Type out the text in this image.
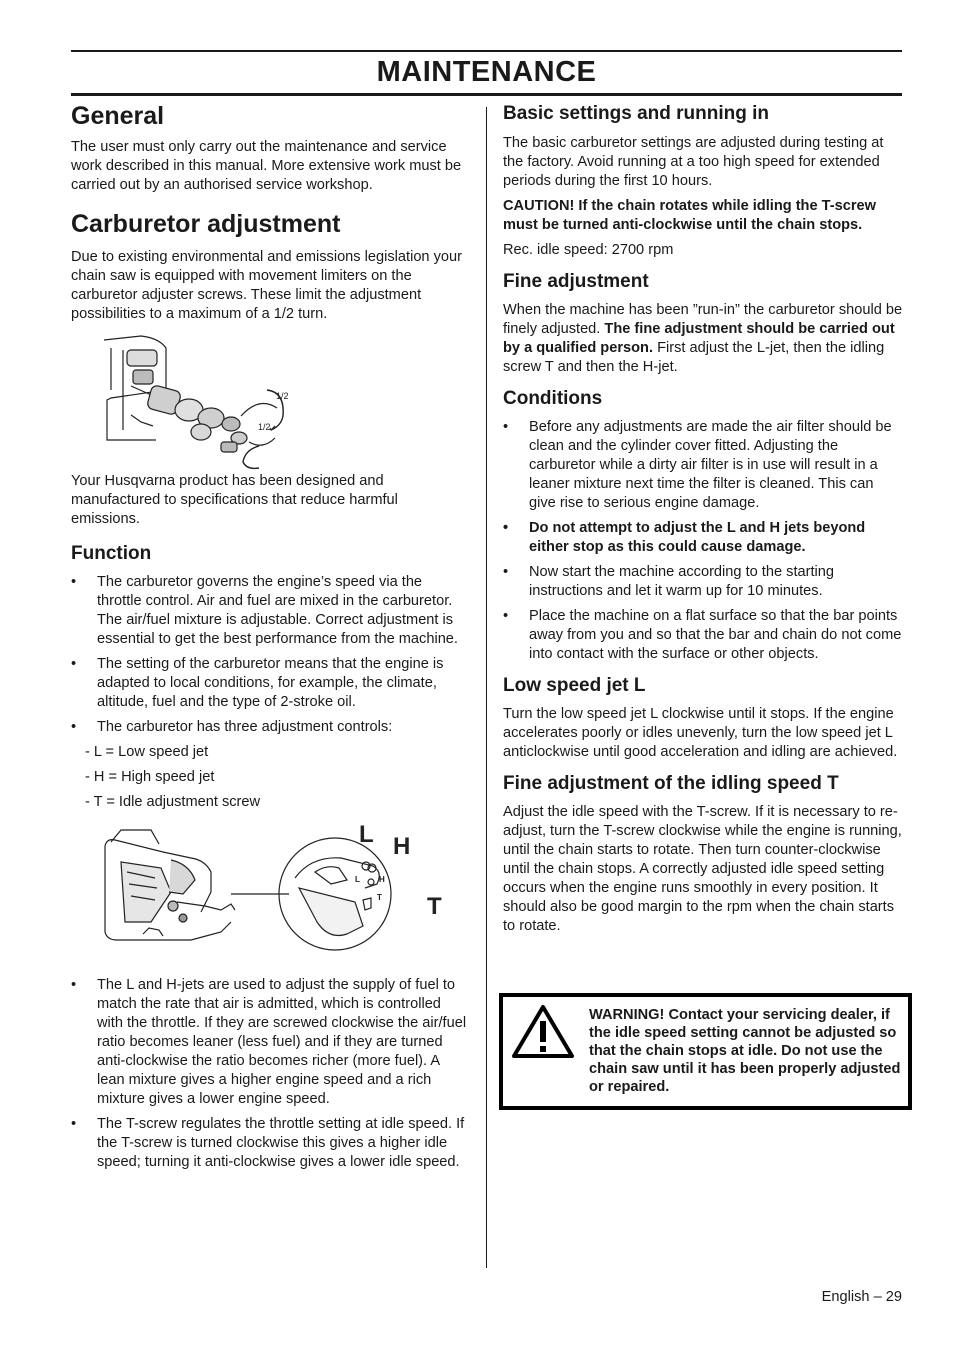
MAINTENANCE
General

The user must only carry out the maintenance and service work described in this manual. More extensive work must be carried out by an authorised service workshop.

Carburetor adjustment

Due to existing environmental and emissions legislation your chain saw is equipped with movement limiters on the carburetor adjuster screws. These limit the adjustment possibilities to a maximum of a 1/2 turn.

1/2
1/2

Your Husqvarna product has been designed and manufactured to specifications that reduce harmful emissions.

Function
• The carburetor governs the engine’s speed via the throttle control. Air and fuel are mixed in the carburetor. The air/fuel mixture is adjustable. Correct adjustment is essential to get the best performance from the machine.
• The setting of the carburetor means that the engine is adapted to local conditions, for example, the climate, altitude, fuel and the type of 2-stroke oil.
• The carburetor has three adjustment controls:
- L = Low speed jet
- H = High speed jet
- T = Idle adjustment screw
L H
T
L H
T
• The L and H-jets are used to adjust the supply of fuel to match the rate that air is admitted, which is controlled with the throttle. If they are screwed clockwise the air/fuel ratio becomes leaner (less fuel) and if they are turned anti-clockwise the ratio becomes richer (more fuel). A lean mixture gives a higher engine speed and a rich mixture gives a lower engine speed.
• The T-screw regulates the throttle setting at idle speed. If the T-screw is turned clockwise this gives a higher idle speed; turning it anti-clockwise gives a lower idle speed.
Basic settings and running in

The basic carburetor settings are adjusted during testing at the factory. Avoid running at a too high speed for extended periods during the first 10 hours.

CAUTION! If the chain rotates while idling the T-screw must be turned anti-clockwise until the chain stops.

Rec. idle speed: 2700 rpm

Fine adjustment

When the machine has been ”run-in” the carburetor should be finely adjusted. The fine adjustment should be carried out by a qualified person. First adjust the L-jet, then the idling screw T and then the H-jet.

Conditions
• Before any adjustments are made the air filter should be clean and the cylinder cover fitted. Adjusting the carburetor while a dirty air filter is in use will result in a leaner mixture next time the filter is cleaned. This can give rise to serious engine damage.
• Do not attempt to adjust the L and H jets beyond either stop as this could cause damage.
• Now start the machine according to the starting instructions and let it warm up for 10 minutes.
• Place the machine on a flat surface so that the bar points away from you and so that the bar and chain do not come into contact with the surface or other objects.
Low speed jet L

Turn the low speed jet L clockwise until it stops. If the engine accelerates poorly or idles unevenly, turn the low speed jet L anticlockwise until good acceleration and idling are achieved.

Fine adjustment of the idling speed T

Adjust the idle speed with the T-screw. If it is necessary to re-adjust, turn the T-screw clockwise while the engine is running, until the chain starts to rotate. Then turn counter-clockwise until the chain stops. A correctly adjusted idle speed setting occurs when the engine runs smoothly in every position. It should also be good margin to the rpm when the chain starts to rotate.

WARNING! Contact your servicing dealer, if the idle speed setting cannot be adjusted so that the chain stops at idle. Do not use the chain saw until it has been properly adjusted or repaired.
English – 29
